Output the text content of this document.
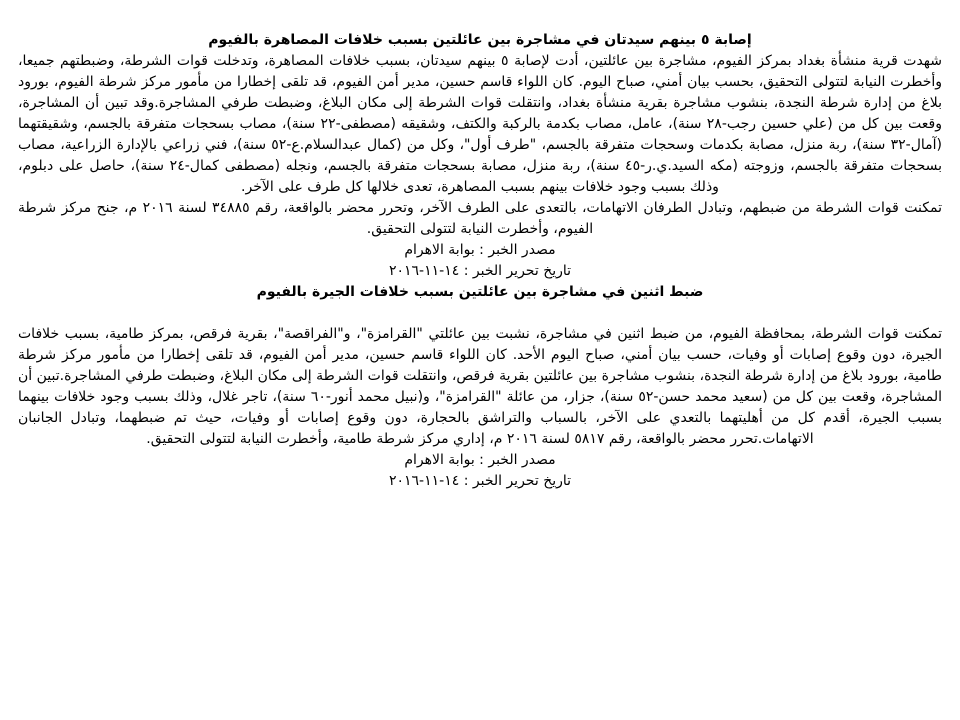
إصابة ٥ بينهم سيدتان في مشاجرة بين عائلتين بسبب خلافات المصاهرة بالفيوم

شهدت قرية منشأة بغداد بمركز الفيوم، مشاجرة بين عائلتين، أدت لإصابة ٥ بينهم سيدتان، بسبب خلافات المصاهرة، وتدخلت قوات الشرطة، وضبطتهم جميعا، وأخطرت النيابة لتتولى التحقيق، بحسب بيان أمني، صباح اليوم. كان اللواء قاسم حسين، مدير أمن الفيوم، قد تلقى إخطارا من مأمور مركز شرطة الفيوم، بورود بلاغ من إدارة شرطة النجدة، بنشوب مشاجرة بقرية منشأة بغداد، وانتقلت قوات الشرطة إلى مكان البلاغ، وضبطت طرفي المشاجرة.وقد تبين أن المشاجرة، وقعت بين كل من (علي حسين رجب-٢٨ سنة)، عامل، مصاب بكدمة بالركبة والكتف، وشقيقه (مصطفى-٢٢ سنة)، مصاب بسحجات متفرقة بالجسم، وشقيقتهما (آمال-٣٢ سنة)، ربة منزل، مصابة بكدمات وسحجات متفرقة بالجسم، "طرف أول"، وكل من (كمال عبدالسلام.ع-٥٢ سنة)، فني زراعي بالإدارة الزراعية، مصاب بسحجات متفرقة بالجسم، وزوجته (مكه السيد.ي.ر-٤٥ سنة)، ربة منزل، مصابة بسحجات متفرقة بالجسم، ونجله (مصطفى كمال-٢٤ سنة)، حاصل على دبلوم، وذلك بسبب وجود خلافات بينهم بسبب المصاهرة، تعدى خلالها كل طرف على الآخر.

تمكنت قوات الشرطة من ضبطهم، وتبادل الطرفان الاتهامات، بالتعدى على الطرف الآخر، وتحرر محضر بالواقعة، رقم ٣٤٨٨٥ لسنة ٢٠١٦ م، جنح مركز شرطة الفيوم، وأخطرت النيابة لتتولى التحقيق.

مصدر الخبر : بوابة الاهرام

تاريخ تحرير الخبر : ١٤-١١-٢٠١٦

ضبط اثنين في مشاجرة بين عائلتين بسبب خلافات الجيرة بالفيوم

تمكنت قوات الشرطة، بمحافظة الفيوم، من ضبط اثنين في مشاجرة، نشبت بين عائلتي "القرامزة"، و"الفراقصة"، بقرية فرقص، بمركز طامية، بسبب خلافات الجيرة، دون وقوع إصابات أو وفيات، حسب بيان أمني، صباح اليوم الأحد. كان اللواء قاسم حسين، مدير أمن الفيوم، قد تلقى إخطارا من مأمور مركز شرطة طامية، بورود بلاغ من إدارة شرطة النجدة، بنشوب مشاجرة بين عائلتين بقرية فرقص، وانتقلت قوات الشرطة إلى مكان البلاغ، وضبطت طرفي المشاجرة.تبين أن المشاجرة، وقعت بين كل من (سعيد محمد حسن-٥٢ سنة)، جزار، من عائلة "القرامزة"، و(نبيل محمد أنور-٦٠ سنة)، تاجر غلال، وذلك بسبب وجود خلافات بينهما بسبب الجيرة، أقدم كل من أهليتهما بالتعدي على الآخر، بالسباب والتراشق بالحجارة، دون وقوع إصابات أو وفيات، حيث تم ضبطهما، وتبادل الجانبان الاتهامات.تحرر محضر بالواقعة، رقم ٥٨١٧ لسنة ٢٠١٦ م، إداري مركز شرطة طامية، وأخطرت النيابة لتتولى التحقيق.

مصدر الخبر : بوابة الاهرام

تاريخ تحرير الخبر : ١٤-١١-٢٠١٦
